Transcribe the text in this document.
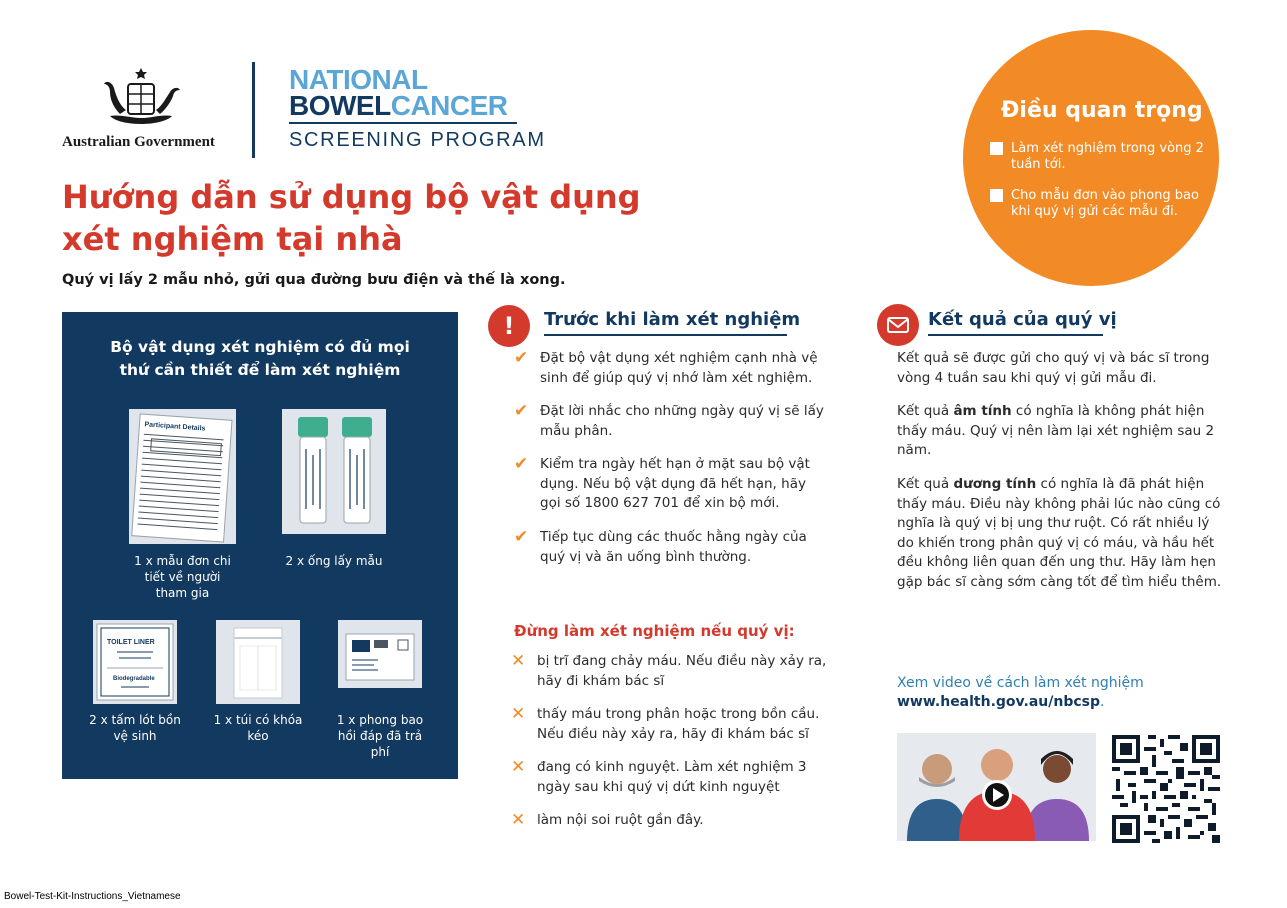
Australian Government
NATIONAL
BOWELCANCER
SCREENING PROGRAM
Hướng dẫn sử dụng bộ vật dụng xét nghiệm tại nhà
Quý vị lấy 2 mẫu nhỏ, gửi qua đường bưu điện và thế là xong.
Điều quan trọng
Làm xét nghiệm trong vòng 2 tuần tới.
Cho mẫu đơn vào phong bao khi quý vị gửi các mẫu đi.
Bộ vật dụng xét nghiệm có đủ mọi thứ cần thiết để làm xét nghiệm
Participant Details
1 x mẫu đơn chi tiết về người tham gia
2 x ống lấy mẫu
TOILET LINER
Biodegradable
2 x tấm lót bồn vệ sinh
1 x túi có khóa kéo
1 x phong bao hồi đáp đã trả phí
!	Trước khi làm xét nghiệm
✔ Đặt bộ vật dụng xét nghiệm cạnh nhà vệ sinh để giúp quý vị nhớ làm xét nghiệm.
✔ Đặt lời nhắc cho những ngày quý vị sẽ lấy mẫu phân.
✔ Kiểm tra ngày hết hạn ở mặt sau bộ vật dụng. Nếu bộ vật dụng đã hết hạn, hãy gọi số 1800 627 701 để xin bộ mới.
✔ Tiếp tục dùng các thuốc hằng ngày của quý vị và ăn uống bình thường.
Đừng làm xét nghiệm nếu quý vị:
✕ bị trĩ đang chảy máu. Nếu điều này xảy ra, hãy đi khám bác sĩ
✕ thấy máu trong phân hoặc trong bồn cầu. Nếu điều này xảy ra, hãy đi khám bác sĩ
✕ đang có kinh nguyệt. Làm xét nghiệm 3 ngày sau khi quý vị dứt kinh nguyệt
✕ làm nội soi ruột gần đây.
Kết quả của quý vị
Kết quả sẽ được gửi cho quý vị và bác sĩ trong vòng 4 tuần sau khi quý vị gửi mẫu đi.
Kết quả âm tính có nghĩa là không phát hiện thấy máu. Quý vị nên làm lại xét nghiệm sau 2 năm.
Kết quả dương tính có nghĩa là đã phát hiện thấy máu. Điều này không phải lúc nào cũng có nghĩa là quý vị bị ung thư ruột. Có rất nhiều lý do khiến trong phân quý vị có máu, và hầu hết đều không liên quan đến ung thư. Hãy làm hẹn gặp bác sĩ càng sớm càng tốt để tìm hiểu thêm.
Xem video về cách làm xét nghiệm
www.health.gov.au/nbcsp.
Bowel-Test-Kit-Instructions_Vietnamese
